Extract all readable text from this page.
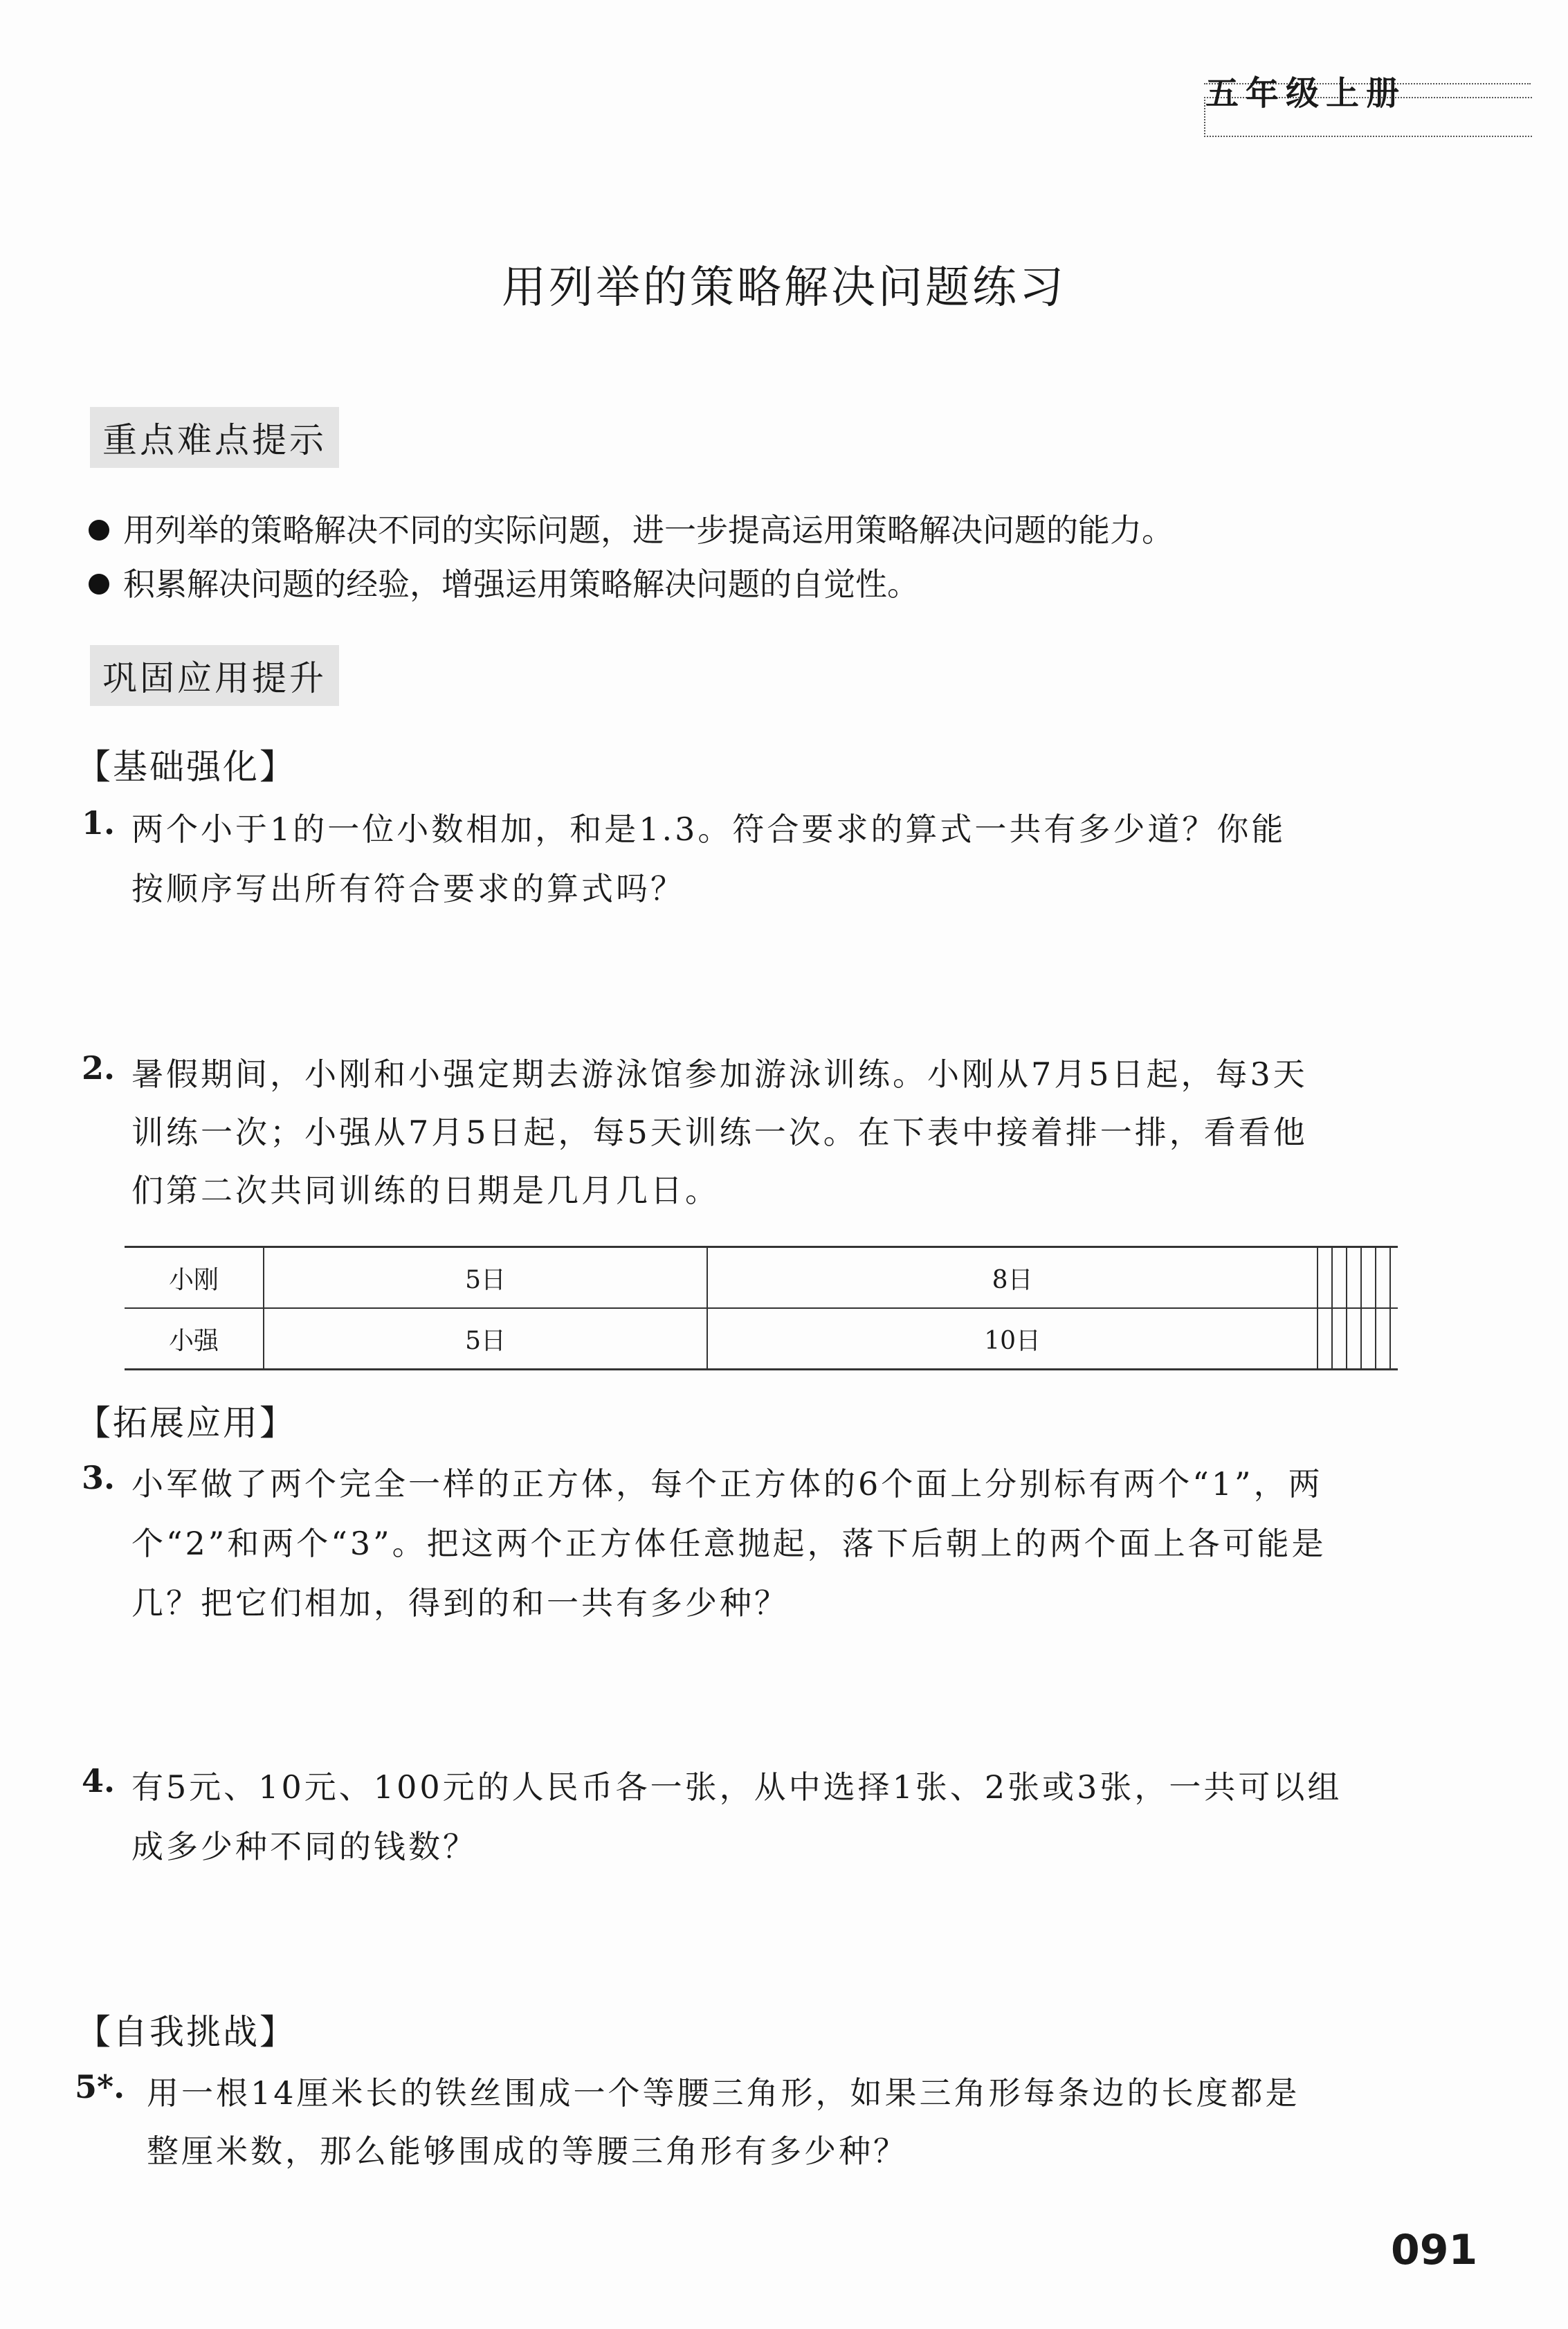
五年级上册
用列举的策略解决问题练习
重点难点提示
用列举的策略解决不同的实际问题，进一步提高运用策略解决问题的能力。
积累解决问题的经验，增强运用策略解决问题的自觉性。
巩固应用提升
【基础强化】
1. 两个小于1的一位小数相加，和是1.3。符合要求的算式一共有多少道？你能
按顺序写出所有符合要求的算式吗？
2. 暑假期间，小刚和小强定期去游泳馆参加游泳训练。小刚从7月5日起，每3天
训练一次；小强从7月5日起，每5天训练一次。在下表中接着排一排，看看他
们第二次共同训练的日期是几月几日。
小刚	5日	8日						
小强	5日	10日						
【拓展应用】
3. 小军做了两个完全一样的正方体，每个正方体的6个面上分别标有两个“1”，两
个“2”和两个“3”。把这两个正方体任意抛起，落下后朝上的两个面上各可能是
几？把它们相加，得到的和一共有多少种？
4. 有5元、10元、100元的人民币各一张，从中选择1张、2张或3张，一共可以组
成多少种不同的钱数？
【自我挑战】
5*. 用一根14厘米长的铁丝围成一个等腰三角形，如果三角形每条边的长度都是
整厘米数，那么能够围成的等腰三角形有多少种？
091
